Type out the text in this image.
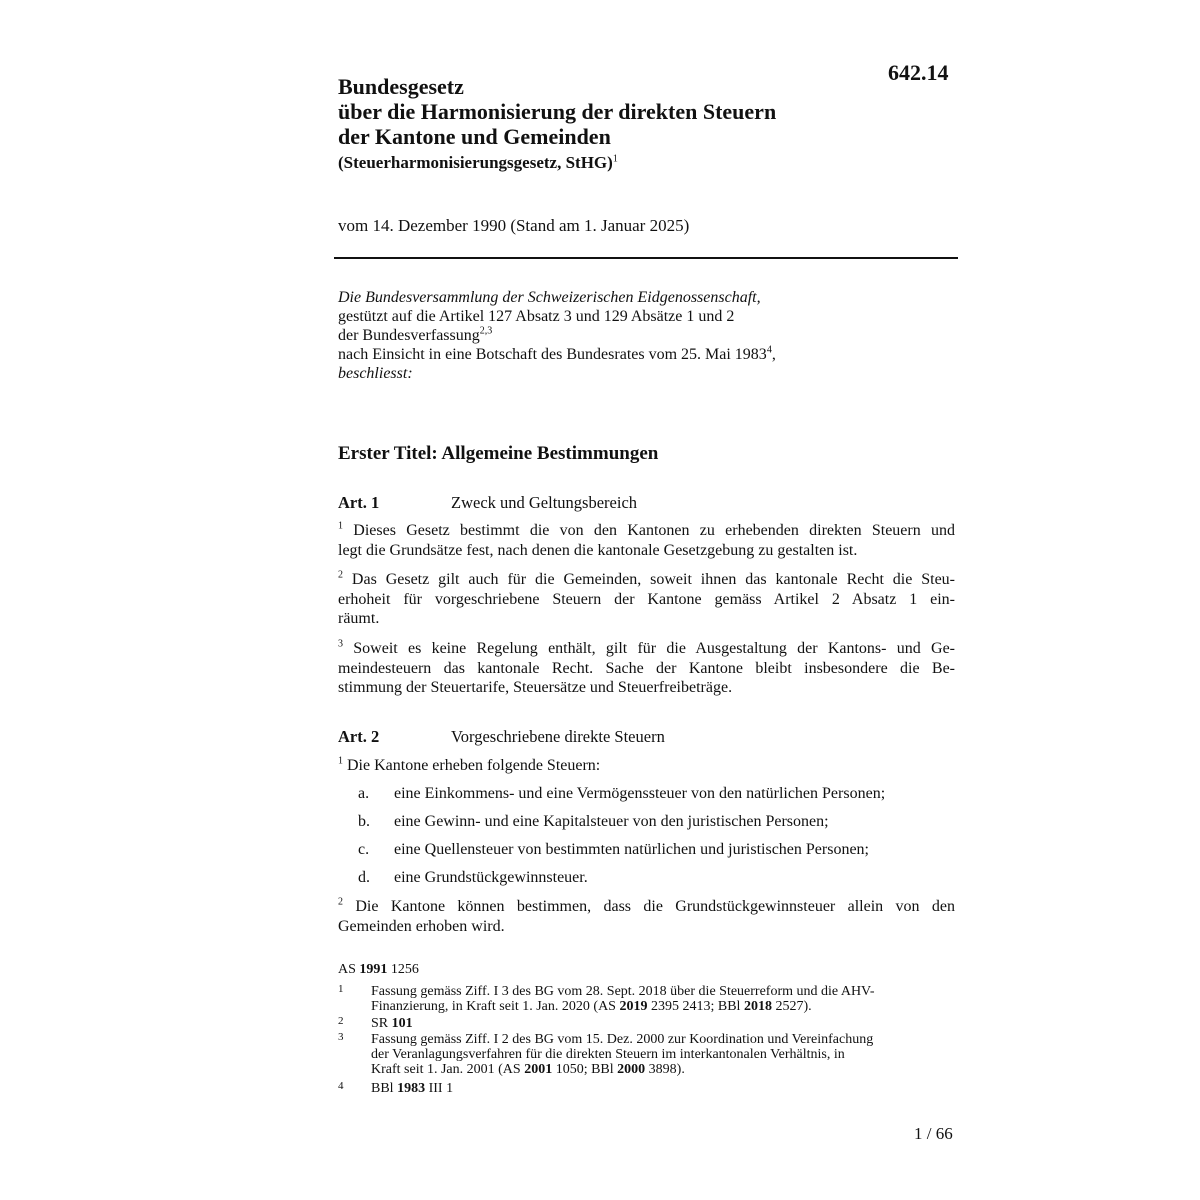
642.14
Bundesgesetz
über die Harmonisierung der direkten Steuern
der Kantone und Gemeinden
(Steuerharmonisierungsgesetz, StHG)$^1$
vom 14. Dezember 1990 (Stand am 1. Januar 2025)
Die Bundesversammlung der Schweizerischen Eidgenossenschaft,
gestützt auf die Artikel 127 Absatz 3 und 129 Absätze 1 und 2
der Bundesverfassung$^{2,3}$
nach Einsicht in eine Botschaft des Bundesrates vom 25. Mai 1983$^4$,
beschliesst:
Erster Titel: Allgemeine Bestimmungen
Art. 1	Zweck und Geltungsbereich
$^1$ Dieses Gesetz bestimmt die von den Kantonen zu erhebenden direkten Steuern und
legt die Grundsätze fest, nach denen die kantonale Gesetzgebung zu gestalten ist.
$^2$ Das Gesetz gilt auch für die Gemeinden, soweit ihnen das kantonale Recht die Steu-
erhoheit für vorgeschriebene Steuern der Kantone gemäss Artikel 2 Absatz 1 ein-
räumt.
$^3$ Soweit es keine Regelung enthält, gilt für die Ausgestaltung der Kantons- und Ge-
meindesteuern das kantonale Recht. Sache der Kantone bleibt insbesondere die Be-
stimmung der Steuertarife, Steuersätze und Steuerfreibeträge.
Art. 2	Vorgeschriebene direkte Steuern
$^1$ Die Kantone erheben folgende Steuern:
a. eine Einkommens- und eine Vermögenssteuer von den natürlichen Personen;
b. eine Gewinn- und eine Kapitalsteuer von den juristischen Personen;
c. eine Quellensteuer von bestimmten natürlichen und juristischen Personen;
d. eine Grundstückgewinnsteuer.
$^2$ Die Kantone können bestimmen, dass die Grundstückgewinnsteuer allein von den
Gemeinden erhoben wird.
AS 1991 1256
1 Fassung gemäss Ziff. I 3 des BG vom 28. Sept. 2018 über die Steuerreform und die AHV-
Finanzierung, in Kraft seit 1. Jan. 2020 (AS 2019 2395 2413; BBl 2018 2527).
2 SR 101
3 Fassung gemäss Ziff. I 2 des BG vom 15. Dez. 2000 zur Koordination und Vereinfachung
der Veranlagungsverfahren für die direkten Steuern im interkantonalen Verhältnis, in
Kraft seit 1. Jan. 2001 (AS 2001 1050; BBl 2000 3898).
4 BBl 1983 III 1
1 / 66
